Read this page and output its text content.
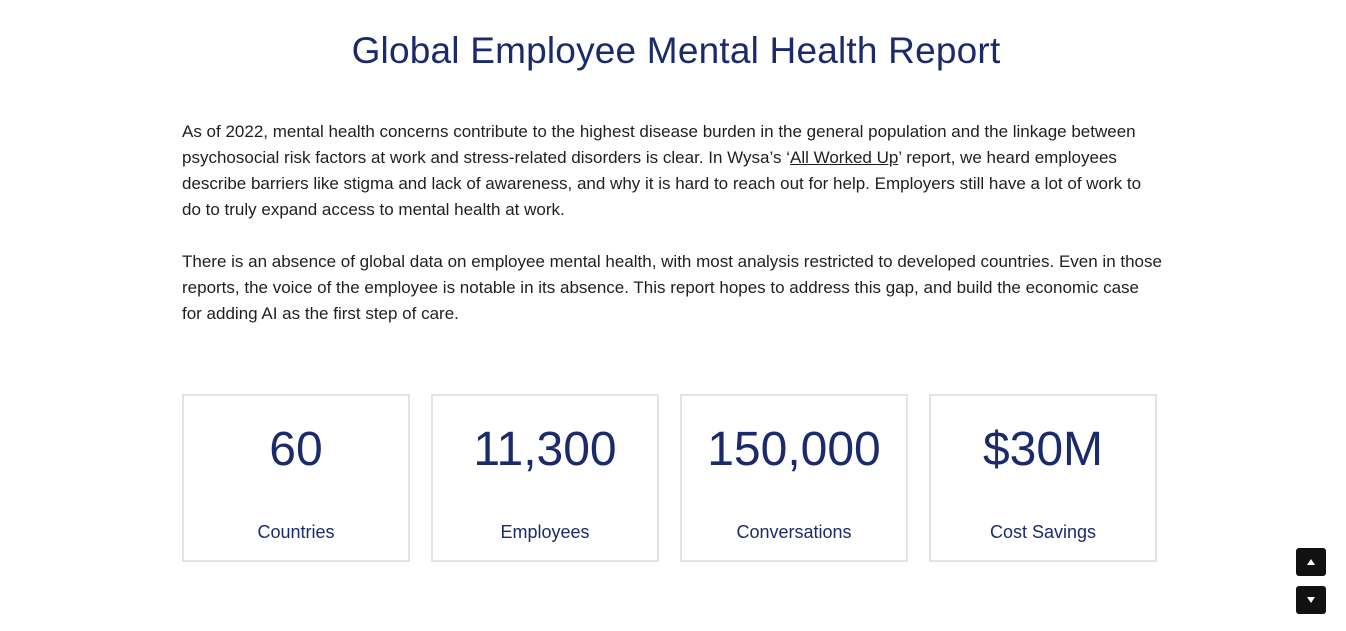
Global Employee Mental Health Report

As of 2022, mental health concerns contribute to the highest disease burden in the general population and the linkage between psychosocial risk factors at work and stress-related disorders is clear. In Wysa’s ‘All Worked Up’ report, we heard employees describe barriers like stigma and lack of awareness, and why it is hard to reach out for help. Employers still have a lot of work to do to truly expand access to mental health at work.

There is an absence of global data on employee mental health, with most analysis restricted to developed countries. Even in those reports, the voice of the employee is notable in its absence. This report hopes to address this gap, and build the economic case for adding AI as the first step of care.

60
Countries
11,300
Employees
150,000
Conversations
$30M
Cost Savings
